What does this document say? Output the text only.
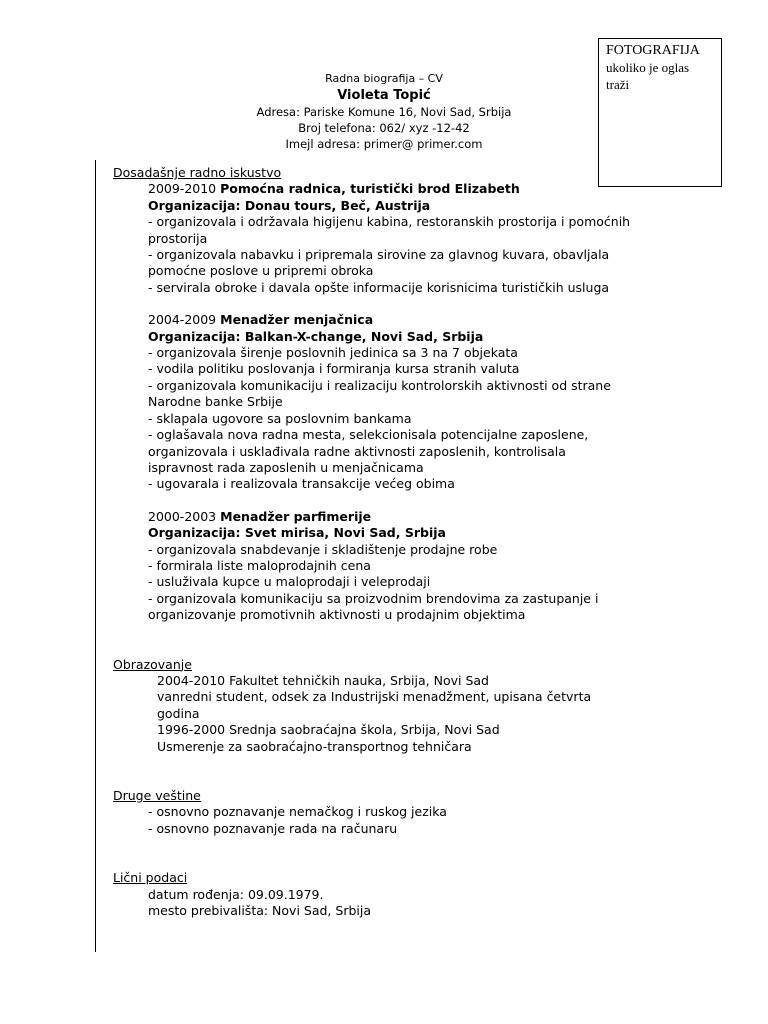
FOTOGRAFIJA
ukoliko je oglas traži
Radna biografija – CV
Violeta Topić
Adresa: Pariske Komune 16, Novi Sad, Srbija
Broj telefona: 062/ xyz -12-42
Imejl adresa: primer@ primer.com
Dosadašnje radno iskustvo
2009-2010 Pomoćna radnica, turistički brod Elizabeth
Organizacija: Donau tours, Beč, Austrija
- organizovala i održavala higijenu kabina, restoranskih prostorija i pomoćnih prostorija
- organizovala nabavku i pripremala sirovine za glavnog kuvara, obavljala pomoćne poslove u pripremi obroka
- servirala obroke i davala opšte informacije korisnicima turističkih usluga
2004-2009 Menadžer menjačnica
Organizacija: Balkan-X-change, Novi Sad, Srbija
- organizovala širenje poslovnih jedinica sa 3 na 7 objekata
- vodila politiku poslovanja i formiranja kursa stranih valuta
- organizovala komunikaciju i realizaciju kontrolorskih aktivnosti od strane Narodne banke Srbije
- sklapala ugovore sa poslovnim bankama
- oglašavala nova radna mesta, selekcionisala potencijalne zaposlene, organizovala i usklađivala radne aktivnosti zaposlenih, kontrolisala ispravnost rada zaposlenih u menjačnicama
- ugovarala i realizovala transakcije većeg obima
2000-2003 Menadžer parfimerije
Organizacija: Svet mirisa, Novi Sad, Srbija
- organizovala snabdevanje i skladištenje prodajne robe
- formirala liste maloprodajnih cena
- usluživala kupce u maloprodaji i veleprodaji
- organizovala komunikaciju sa proizvodnim brendovima za zastupanje i organizovanje promotivnih aktivnosti u prodajnim objektima
Obrazovanje
2004-2010 Fakultet tehničkih nauka, Srbija, Novi Sad
vanredni student, odsek za Industrijski menadžment, upisana četvrta godina
1996-2000 Srednja saobraćajna škola, Srbija, Novi Sad
Usmerenje za saobraćajno-transportnog tehničara
Druge veštine
- osnovno poznavanje nemačkog i ruskog jezika
- osnovno poznavanje rada na računaru
Lični podaci
datum rođenja: 09.09.1979.
mesto prebivališta: Novi Sad, Srbija
